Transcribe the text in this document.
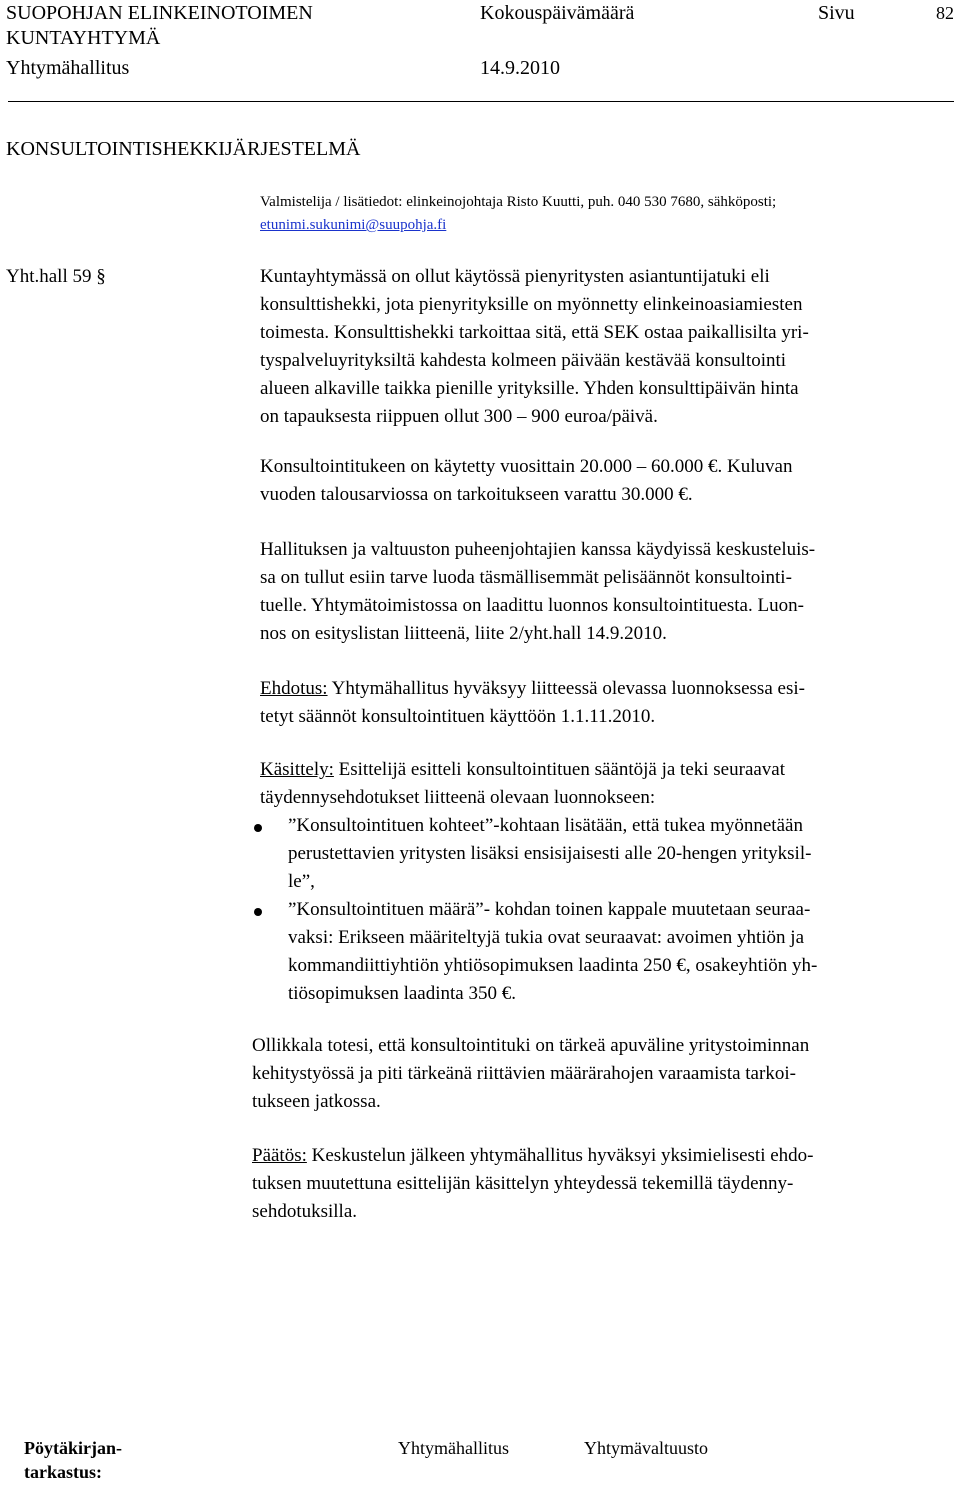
SUOPOHJAN ELINKEINOTOIMEN
KUNTAYHTYMÄ
Yhtymähallitus
Kokouspäivämäärä
14.9.2010
Sivu	82
KONSULTOINTISHEKKIJÄRJESTELMÄ
Valmistelija / lisätiedot: elinkeinojohtaja Risto Kuutti, puh. 040 530 7680, sähköposti;
etunimi.sukunimi@suupohja.fi
Yht.hall 59 §	Kuntayhtymässä on ollut käytössä pienyritysten asiantuntijatuki eli
konsulttishekki, jota pienyrityksille on myönnetty elinkeinoasiamiesten
toimesta. Konsulttishekki tarkoittaa sitä, että SEK ostaa paikallisilta yri-
tyspalveluyrityksiltä kahdesta kolmeen päivään kestävää konsultointi
alueen alkaville taikka pienille yrityksille. Yhden konsulttipäivän hinta
on tapauksesta riippuen ollut 300 – 900 euroa/päivä.
Konsultointitukeen on käytetty vuosittain 20.000 – 60.000 €. Kuluvan
vuoden talousarviossa on tarkoitukseen varattu 30.000 €.
Hallituksen ja valtuuston puheenjohtajien kanssa käydyissä keskusteluis-
sa on tullut esiin tarve luoda täsmällisemmät pelisäännöt konsultointi-
tuelle. Yhtymätoimistossa on laadittu luonnos konsultointituesta. Luon-
nos on esityslistan liitteenä, liite 2/yht.hall 14.9.2010.
Ehdotus: Yhtymähallitus hyväksyy liitteessä olevassa luonnoksessa esi-
tetyt säännöt konsultointituen käyttöön 1.1.11.2010.
Käsittely: Esittelijä esitteli konsultointituen sääntöjä ja teki seuraavat
täydennysehdotukset liitteenä olevaan luonnokseen:
”Konsultointituen kohteet”-kohtaan lisätään, että tukea myönnetään
perustettavien yritysten lisäksi ensisijaisesti alle 20-hengen yrityksil-
le”,
”Konsultointituen määrä”- kohdan toinen kappale muutetaan seuraa-
vaksi: Erikseen määriteltyjä tukia ovat seuraavat: avoimen yhtiön ja
kommandiittiyhtiön yhtiösopimuksen laadinta 250 €, osakeyhtiön yh-
tiösopimuksen laadinta 350 €.
Ollikkala totesi, että konsultointituki on tärkeä apuväline yritystoiminnan
kehitystyössä ja piti tärkeänä riittävien määrärahojen varaamista tarkoi-
tukseen jatkossa.
Päätös: Keskustelun jälkeen yhtymähallitus hyväksyi yksimielisesti ehdo-
tuksen muutettuna esittelijän käsittelyn yhteydessä tekemillä täydenny-
sehdotuksilla.
Pöytäkirjan-
tarkastus:
Yhtymähallitus	Yhtymävaltuusto
